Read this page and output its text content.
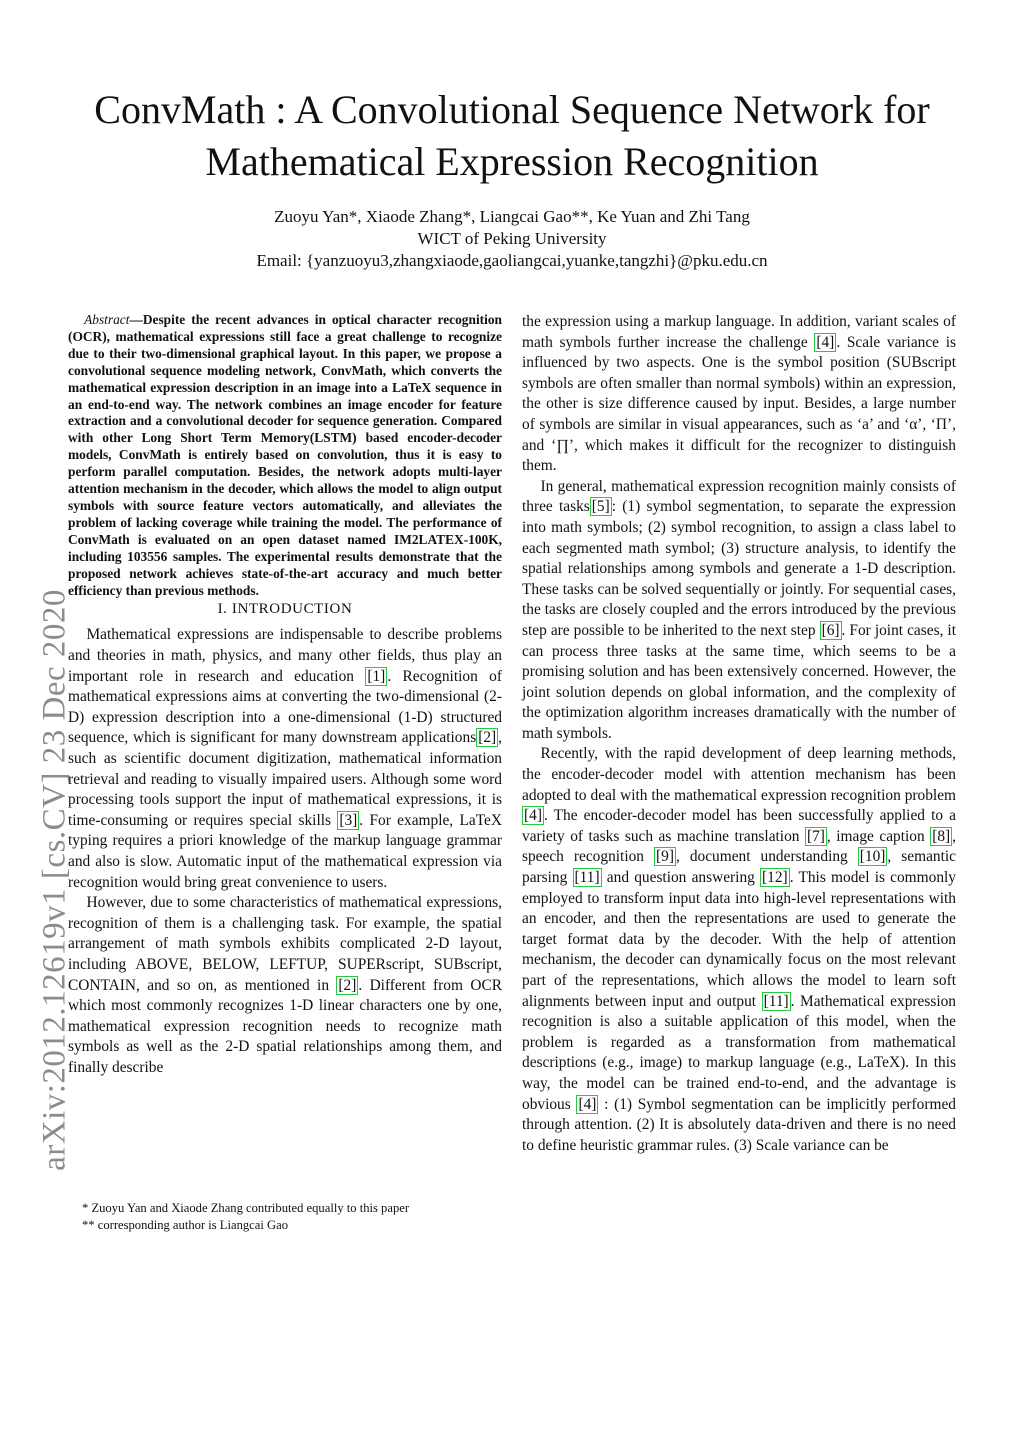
ConvMath : A Convolutional Sequence Network for
Mathematical Expression Recognition
Zuoyu Yan*, Xiaode Zhang*, Liangcai Gao**, Ke Yuan and Zhi Tang
WICT of Peking University
Email: {yanzuoyu3,zhangxiaode,gaoliangcai,yuanke,tangzhi}@pku.edu.cn
arXiv:2012.12619v1 [cs.CV] 23 Dec 2020

Abstract—Despite the recent advances in optical character recognition (OCR), mathematical expressions still face a great challenge to recognize due to their two-dimensional graphical layout. In this paper, we propose a convolutional sequence modeling network, ConvMath, which converts the mathematical expression description in an image into a LaTeX sequence in an end-to-end way. The network combines an image encoder for feature extraction and a convolutional decoder for sequence generation. Compared with other Long Short Term Memory(LSTM) based encoder-decoder models, ConvMath is entirely based on convolution, thus it is easy to perform parallel computation. Besides, the network adopts multi-layer attention mechanism in the decoder, which allows the model to align output symbols with source feature vectors automatically, and alleviates the problem of lacking coverage while training the model. The performance of ConvMath is evaluated on an open dataset named IM2LATEX-100K, including 103556 samples. The experimental results demonstrate that the proposed network achieves state-of-the-art accuracy and much better efficiency than previous methods.

I. INTRODUCTION

Mathematical expressions are indispensable to describe problems and theories in math, physics, and many other fields, thus play an important role in research and education [1] . Recognition of mathematical expressions aims at converting the two-dimensional (2-D) expression description into a one-dimensional (1-D) structured sequence, which is significant for many downstream applications [2] , such as scientific document digitization, mathematical information retrieval and reading to visually impaired users. Although some word processing tools support the input of mathematical expressions, it is time-consuming or requires special skills [3] . For example, LaTeX typing requires a priori knowledge of the markup language grammar and also is slow. Automatic input of the mathematical expression via recognition would bring great convenience to users.

However, due to some characteristics of mathematical expressions, recognition of them is a challenging task. For example, the spatial arrangement of math symbols exhibits complicated 2-D layout, including ABOVE, BELOW, LEFTUP, SUPERscript, SUBscript, CONTAIN, and so on, as mentioned in [2] . Different from OCR which most commonly recognizes 1-D linear characters one by one, mathematical expression recognition needs to recognize math symbols as well as the 2-D spatial relationships among them, and finally describe

* Zuoyu Yan and Xiaode Zhang contributed equally to this paper
** corresponding author is Liangcai Gao

the expression using a markup language. In addition, variant scales of math symbols further increase the challenge [4] . Scale variance is influenced by two aspects. One is the symbol position (SUBscript symbols are often smaller than normal symbols) within an expression, the other is size difference caused by input. Besides, a large number of symbols are similar in visual appearances, such as ‘a’ and ‘α’, ‘Π’, and ‘∏’, which makes it difficult for the recognizer to distinguish them.

In general, mathematical expression recognition mainly consists of three tasks [5] : (1) symbol segmentation, to separate the expression into math symbols; (2) symbol recognition, to assign a class label to each segmented math symbol; (3) structure analysis, to identify the spatial relationships among symbols and generate a 1-D description. These tasks can be solved sequentially or jointly. For sequential cases, the tasks are closely coupled and the errors introduced by the previous step are possible to be inherited to the next step [6] . For joint cases, it can process three tasks at the same time, which seems to be a promising solution and has been extensively concerned. However, the joint solution depends on global information, and the complexity of the optimization algorithm increases dramatically with the number of math symbols.

Recently, with the rapid development of deep learning methods, the encoder-decoder model with attention mechanism has been adopted to deal with the mathematical expression recognition problem [4] . The encoder-decoder model has been successfully applied to a variety of tasks such as machine translation [7] , image caption [8] , speech recognition [9] , document understanding [10] , semantic parsing [11] and question answering [12] . This model is commonly employed to transform input data into high-level representations with an encoder, and then the representations are used to generate the target format data by the decoder. With the help of attention mechanism, the decoder can dynamically focus on the most relevant part of the representations, which allows the model to learn soft alignments between input and output [11] . Mathematical expression recognition is also a suitable application of this model, when the problem is regarded as a transformation from mathematical descriptions (e.g., image) to markup language (e.g., LaTeX). In this way, the model can be trained end-to-end, and the advantage is obvious [4] : (1) Symbol segmentation can be implicitly performed through attention. (2) It is absolutely data-driven and there is no need to define heuristic grammar rules. (3) Scale variance can be
